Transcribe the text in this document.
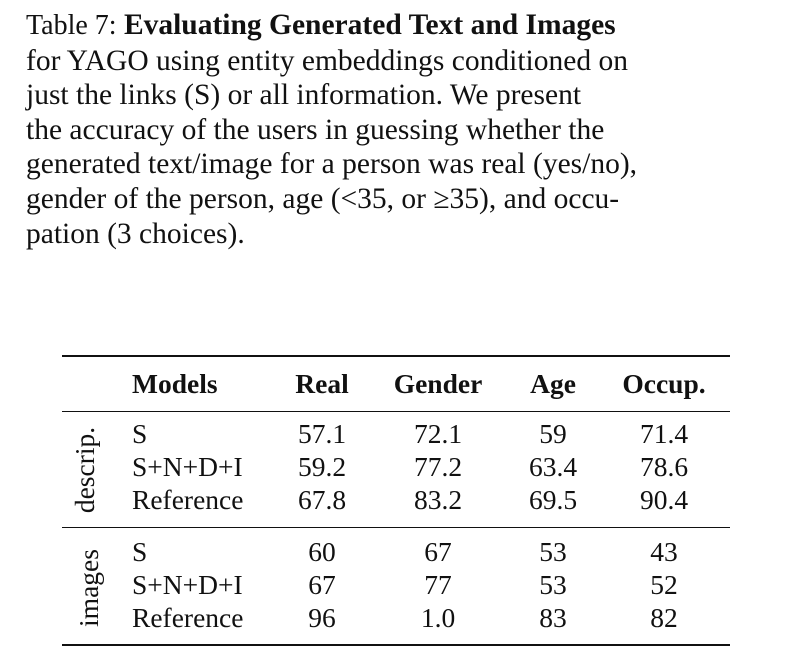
Table 7: Evaluating Generated Text and Images
for YAGO using entity embeddings conditioned on
just the links (S) or all information. We present
the accuracy of the users in guessing whether the
generated text/image for a person was real (yes/no),
gender of the person, age (<35, or ≥35), and occu-
pation (3 choices).
Models	Real Gender Age Occup.
descrip.
images
S	57.1 72.1	59	71.4
S+N+D+I 59.2 77.2 63.4 78.6
Reference 67.8 83.2 69.5 90.4
S	60	67	53	43
S+N+D+I 67	77	53	52
Reference 96	1.0	83	82
